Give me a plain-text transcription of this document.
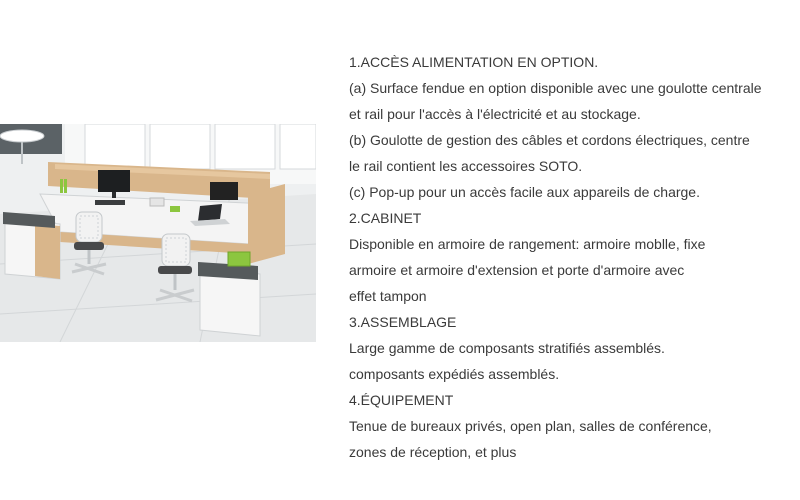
1.ACCÈS ALIMENTATION EN OPTION.
(a) Surface fendue en option disponible avec une goulotte centrale
et rail pour l'accès à l'électricité et au stockage.
(b) Goulotte de gestion des câbles et cordons électriques, centre
le rail contient les accessoires SOTO.
(c) Pop-up pour un accès facile aux appareils de charge.
2.CABINET
Disponible en armoire de rangement: armoire moblle, fixe
armoire et armoire d'extension et porte d'armoire avec
effet tampon
3.ASSEMBLAGE
Large gamme de composants stratifiés assemblés.
composants expédiés assemblés.
4.ÉQUIPEMENT
Tenue de bureaux privés, open plan, salles de conférence,
zones de réception, et plus
